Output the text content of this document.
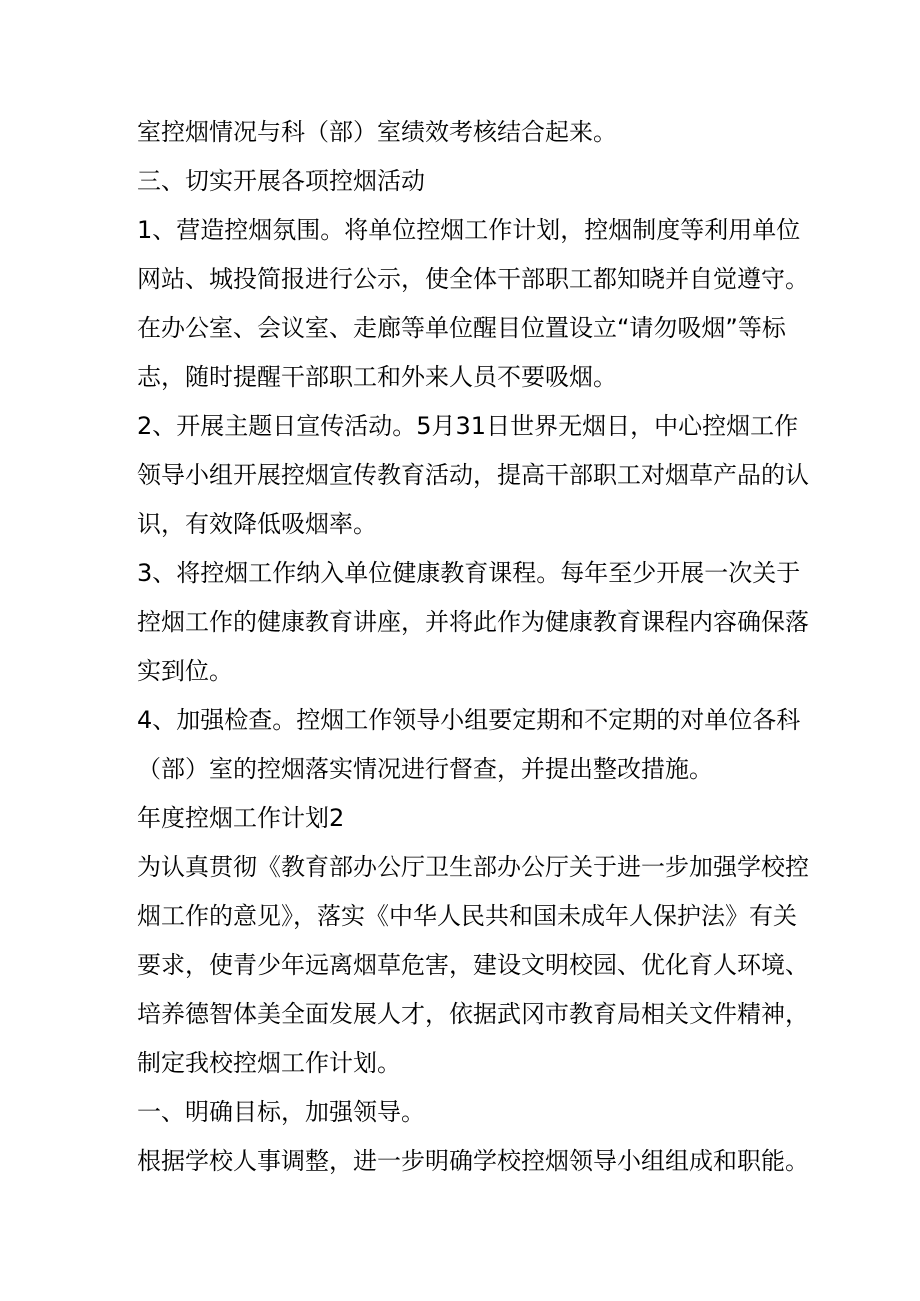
室控烟情况与科（部）室绩效考核结合起来。

三、切实开展各项控烟活动

1、营造控烟氛围。将单位控烟工作计划，控烟制度等利用单位

网站、城投简报进行公示，使全体干部职工都知晓并自觉遵守。

在办公室、会议室、走廊等单位醒目位置设立“请勿吸烟”等标

志，随时提醒干部职工和外来人员不要吸烟。

2、开展主题日宣传活动。5月31日世界无烟日，中心控烟工作

领导小组开展控烟宣传教育活动，提高干部职工对烟草产品的认

识，有效降低吸烟率。

3、将控烟工作纳入单位健康教育课程。每年至少开展一次关于

控烟工作的健康教育讲座，并将此作为健康教育课程内容确保落

实到位。

4、加强检查。控烟工作领导小组要定期和不定期的对单位各科

（部）室的控烟落实情况进行督查，并提出整改措施。

年度控烟工作计划2

为认真贯彻《教育部办公厅卫生部办公厅关于进一步加强学校控

烟工作的意见》，落实《中华人民共和国未成年人保护法》有关

要求，使青少年远离烟草危害，建设文明校园、优化育人环境、

培养德智体美全面发展人才，依据武冈市教育局相关文件精神，

制定我校控烟工作计划。

一、明确目标，加强领导。

根据学校人事调整，进一步明确学校控烟领导小组组成和职能。
